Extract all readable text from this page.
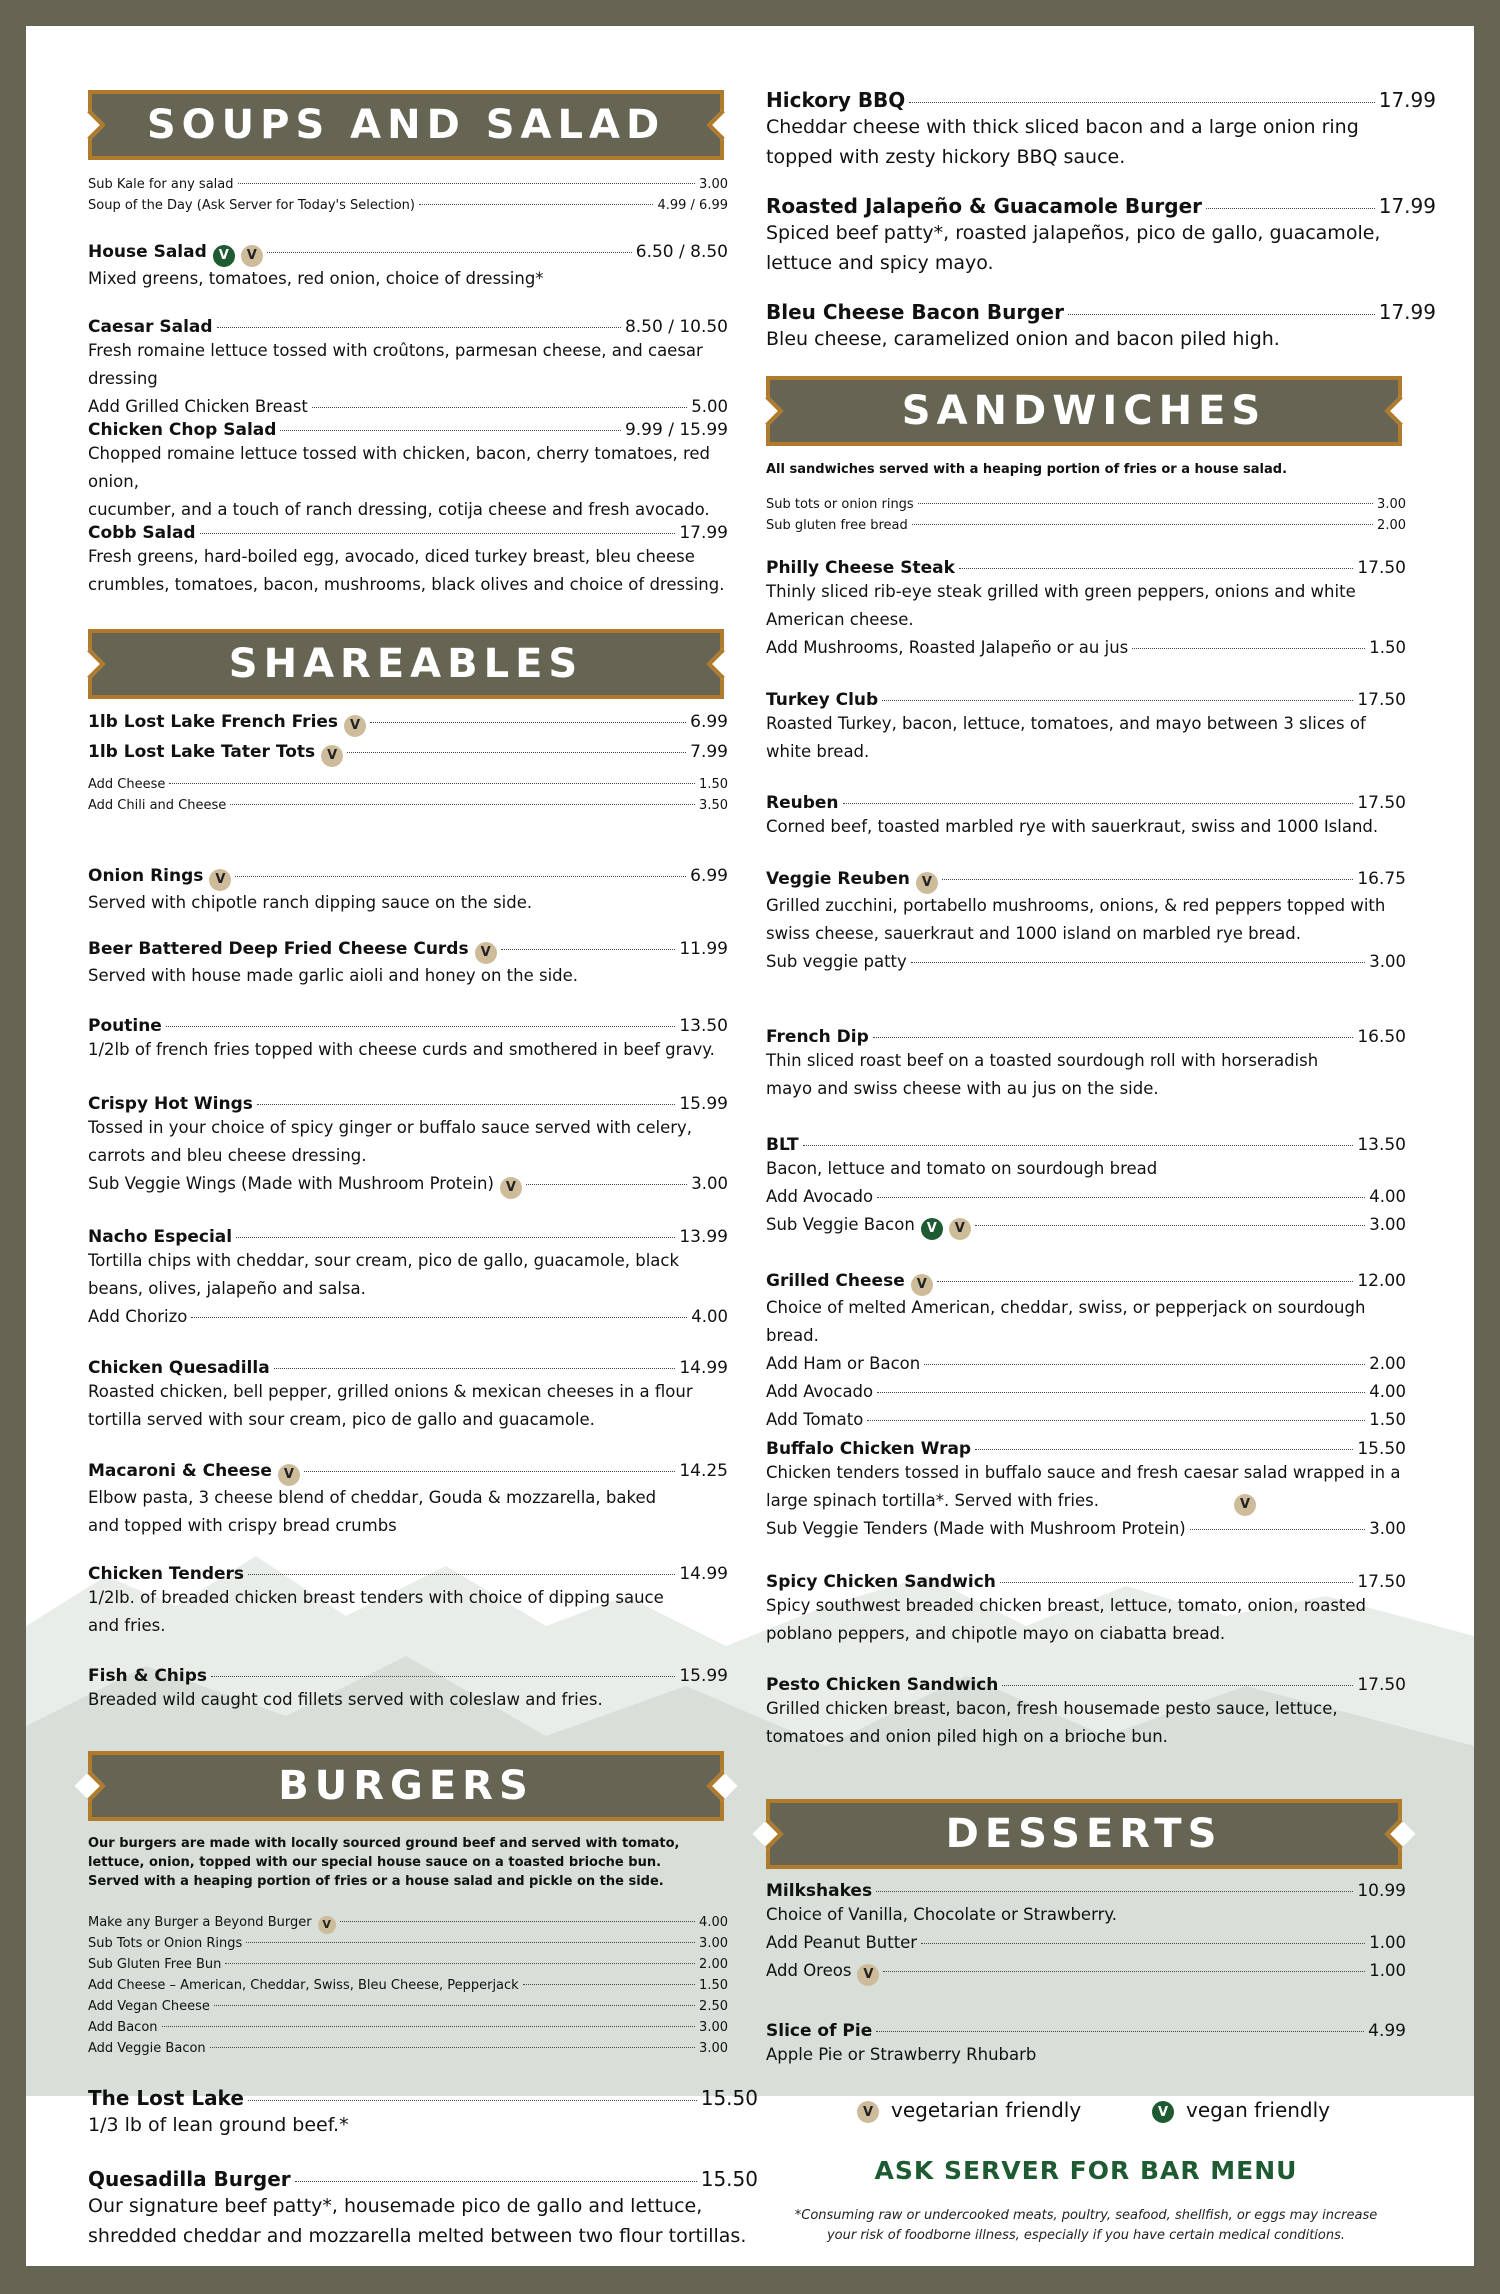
SOUPS AND SALAD
Sub Kale for any salad	3.00
Soup of the Day (Ask Server for Today's Selection)	4.99 / 6.99
House Salad V	V	6.50 / 8.50
Mixed greens, tomatoes, red onion, choice of dressing*
Caesar Salad	8.50 / 10.50
Fresh romaine lettuce tossed with croûtons, parmesan cheese, and caesar dressing
Add Grilled Chicken Breast	5.00
Chicken Chop Salad	9.99 / 15.99
Chopped romaine lettuce tossed with chicken, bacon, cherry tomatoes, red onion,
cucumber, and a touch of ranch dressing, cotija cheese and fresh avocado.
Cobb Salad	17.99
Fresh greens, hard-boiled egg, avocado, diced turkey breast, bleu cheese
crumbles, tomatoes, bacon, mushrooms, black olives and choice of dressing.
SHAREABLES
1lb Lost Lake French Fries V	6.99
1lb Lost Lake Tater Tots V	7.99
Add Cheese	1.50
Add Chili and Cheese	3.50
Onion Rings V	6.99
Served with chipotle ranch dipping sauce on the side.
Beer Battered Deep Fried Cheese Curds V	11.99
Served with house made garlic aioli and honey on the side.
Poutine	13.50
1/2lb of french fries topped with cheese curds and smothered in beef gravy.
Crispy Hot Wings	15.99
Tossed in your choice of spicy ginger or buffalo sauce served with celery,
carrots and bleu cheese dressing.
Sub Veggie Wings (Made with Mushroom Protein) V	3.00
Nacho Especial	13.99
Tortilla chips with cheddar, sour cream, pico de gallo, guacamole, black
beans, olives, jalapeño and salsa.
Add Chorizo	4.00
Chicken Quesadilla	14.99
Roasted chicken, bell pepper, grilled onions & mexican cheeses in a flour
tortilla served with sour cream, pico de gallo and guacamole.
Macaroni & Cheese V	14.25
Elbow pasta, 3 cheese blend of cheddar, Gouda & mozzarella, baked
and topped with crispy bread crumbs
Chicken Tenders	14.99
1/2lb. of breaded chicken breast tenders with choice of dipping sauce
and fries.
Fish & Chips	15.99
Breaded wild caught cod fillets served with coleslaw and fries.
BURGERS
Our burgers are made with locally sourced ground beef and served with tomato,
lettuce, onion, topped with our special house sauce on a toasted brioche bun.
Served with a heaping portion of fries or a house salad and pickle on the side.
Make any Burger a Beyond Burger V	4.00
Sub Tots or Onion Rings	3.00
Sub Gluten Free Bun	2.00
Add Cheese – American, Cheddar, Swiss, Bleu Cheese, Pepperjack	1.50
Add Vegan Cheese	2.50
Add Bacon	3.00
Add Veggie Bacon	3.00
The Lost Lake	15.50
1/3 lb of lean ground beef.*
Quesadilla Burger	15.50
Our signature beef patty*, housemade pico de gallo and lettuce,
shredded cheddar and mozzarella melted between two flour tortillas.
Hickory BBQ	17.99
Cheddar cheese with thick sliced bacon and a large onion ring
topped with zesty hickory BBQ sauce.
Roasted Jalapeño & Guacamole Burger	17.99
Spiced beef patty*, roasted jalapeños, pico de gallo, guacamole,
lettuce and spicy mayo.
Bleu Cheese Bacon Burger	17.99
Bleu cheese, caramelized onion and bacon piled high.
SANDWICHES
All sandwiches served with a heaping portion of fries or a house salad.
Sub tots or onion rings	3.00
Sub gluten free bread	2.00
Philly Cheese Steak	17.50
Thinly sliced rib-eye steak grilled with green peppers, onions and white
American cheese.
Add Mushrooms, Roasted Jalapeño or au jus	1.50
Turkey Club	17.50
Roasted Turkey, bacon, lettuce, tomatoes, and mayo between 3 slices of
white bread.
Reuben	17.50
Corned beef, toasted marbled rye with sauerkraut, swiss and 1000 Island.
Veggie Reuben V	16.75
Grilled zucchini, portabello mushrooms, onions, & red peppers topped with
swiss cheese, sauerkraut and 1000 island on marbled rye bread.
Sub veggie patty	3.00
French Dip	16.50
Thin sliced roast beef on a toasted sourdough roll with horseradish
mayo and swiss cheese with au jus on the side.
BLT	13.50
Bacon, lettuce and tomato on sourdough bread
Add Avocado	4.00
Sub Veggie Bacon V	V	3.00
Grilled Cheese V	12.00
Choice of melted American, cheddar, swiss, or pepperjack on sourdough bread.
Add Ham or Bacon	2.00
Add Avocado	4.00
Add Tomato	1.50
Buffalo Chicken Wrap	15.50
Chicken tenders tossed in buffalo sauce and fresh caesar salad wrapped in a
large spinach tortilla*. Served with fries.	V
Sub Veggie Tenders (Made with Mushroom Protein)	3.00
Spicy Chicken Sandwich	17.50
Spicy southwest breaded chicken breast, lettuce, tomato, onion, roasted
poblano peppers, and chipotle mayo on ciabatta bread.
Pesto Chicken Sandwich	17.50
Grilled chicken breast, bacon, fresh housemade pesto sauce, lettuce,
tomatoes and onion piled high on a brioche bun.
DESSERTS
Milkshakes	10.99
Choice of Vanilla, Chocolate or Strawberry.
Add Peanut Butter	1.00
Add Oreos V	1.00
Slice of Pie	4.99
Apple Pie or Strawberry Rhubarb
V vegetarian friendly	V vegan friendly
ASK SERVER FOR BAR MENU
*Consuming raw or undercooked meats, poultry, seafood, shellfish, or eggs may increase
your risk of foodborne illness, especially if you have certain medical conditions.
